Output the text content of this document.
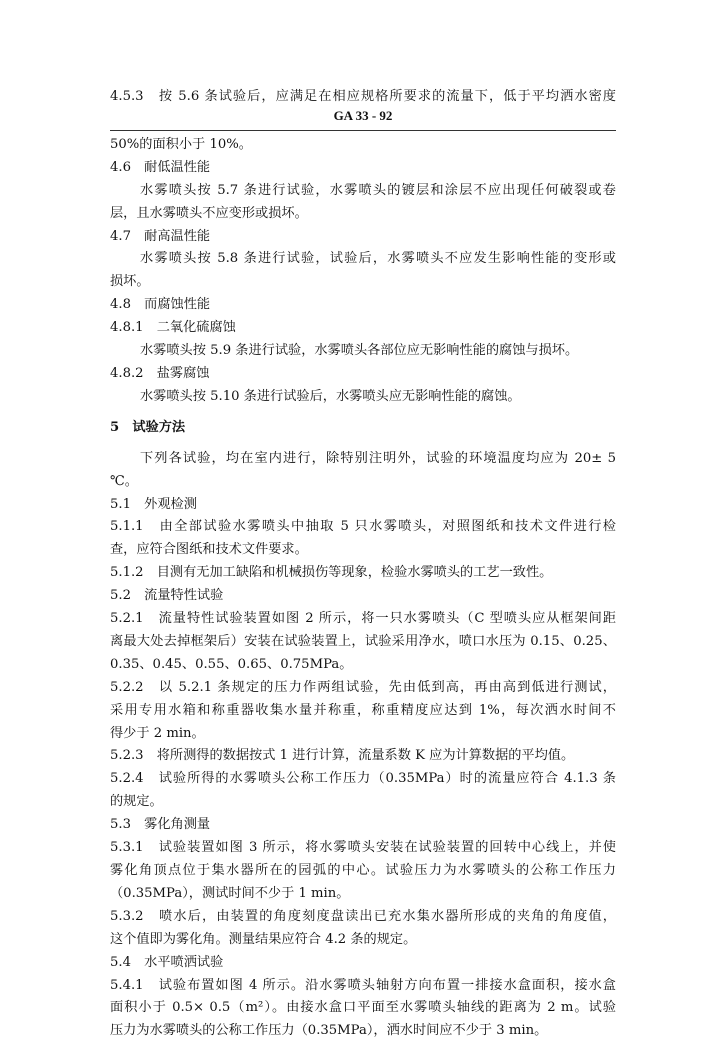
4.5.3　按 5.6 条试验后，应满足在相应规格所要求的流量下，低于平均洒水密度
GA 33 - 92
50%的面积小于 10%。
4.6　耐低温性能
水雾喷头按 5.7 条进行试验，水雾喷头的镀层和涂层不应出现任何破裂或卷
层，且水雾喷头不应变形或损坏。
4.7　耐高温性能
水雾喷头按 5.8 条进行试验，试验后，水雾喷头不应发生影响性能的变形或
损坏。
4.8　而腐蚀性能
4.8.1　二氧化硫腐蚀
水雾喷头按 5.9 条进行试验，水雾喷头各部位应无影响性能的腐蚀与损坏。
4.8.2　盐雾腐蚀
水雾喷头按 5.10 条进行试验后，水雾喷头应无影响性能的腐蚀。
5　试验方法
下列各试验，均在室内进行，除特别注明外，试验的环境温度均应为 20± 5
℃。
5.1　外观检测
5.1.1　由全部试验水雾喷头中抽取 5 只水雾喷头，对照图纸和技术文件进行检
查，应符合图纸和技术文件要求。
5.1.2　目测有无加工缺陷和机械损伤等现象，检验水雾喷头的工艺一致性。
5.2　流量特性试验
5.2.1　流量特性试验装置如图 2 所示，将一只水雾喷头（C 型喷头应从框架间距
离最大处去掉框架后）安装在试验装置上，试验采用净水，喷口水压为 0.15、0.25、
0.35、0.45、0.55、0.65、0.75MPa。
5.2.2　以 5.2.1 条规定的压力作两组试验，先由低到高，再由高到低进行测试，
采用专用水箱和称重器收集水量并称重，称重精度应达到 1%，每次洒水时间不
得少于 2 min。
5.2.3　将所测得的数据按式 1 进行计算，流量系数 K 应为计算数据的平均值。
5.2.4　试验所得的水雾喷头公称工作压力（0.35MPa）时的流量应符合 4.1.3 条
的规定。
5.3　雾化角测量
5.3.1　试验装置如图 3 所示，将水雾喷头安装在试验装置的回转中心线上，并使
雾化角顶点位于集水器所在的园弧的中心。试验压力为水雾喷头的公称工作压力
（0.35MPa），测试时间不少于 1 min。
5.3.2　喷水后，由装置的角度刻度盘读出已充水集水器所形成的夹角的角度值，
这个值即为雾化角。测量结果应符合 4.2 条的规定。
5.4　水平喷洒试验
5.4.1　试验布置如图 4 所示。沿水雾喷头轴射方向布置一排接水盒面积，接水盒
面积小于 0.5× 0.5（m²）。由接水盒口平面至水雾喷头轴线的距离为 2 m。试验
压力为水雾喷头的公称工作压力（0.35MPa），洒水时间应不少于 3 min。
